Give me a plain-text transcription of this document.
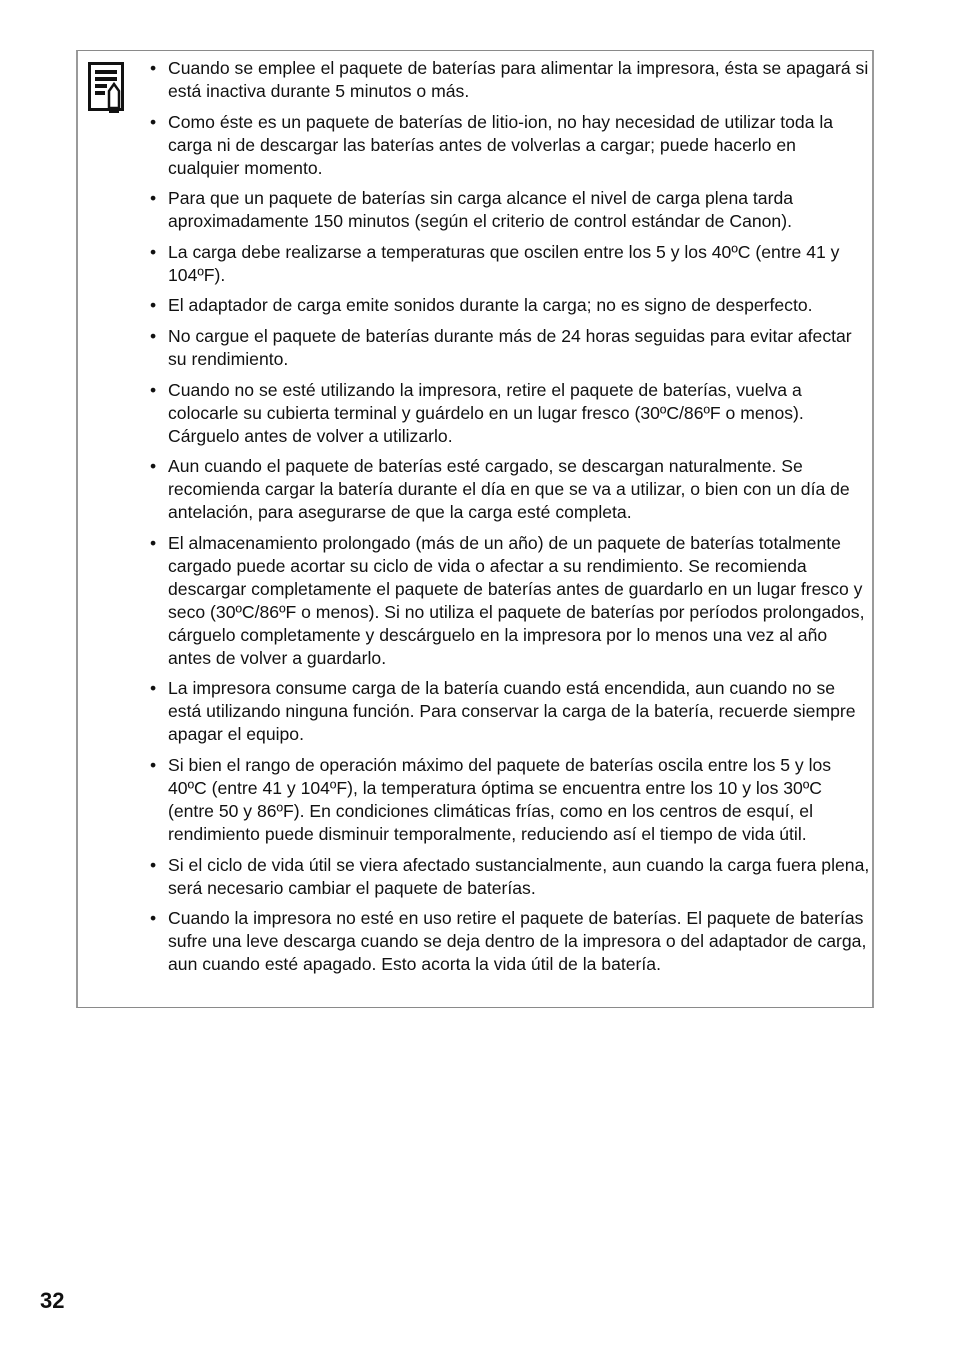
• Cuando se emplee el paquete de baterías para alimentar la impresora, ésta se apagará si está inactiva durante 5 minutos o más.
• Como éste es un paquete de baterías de litio-ion, no hay necesidad de utilizar toda la carga ni de descargar las baterías antes de volverlas a cargar; puede hacerlo en cualquier momento.
• Para que un paquete de baterías sin carga alcance el nivel de carga plena tarda aproximadamente 150 minutos (según el criterio de control estándar de Canon).
• La carga debe realizarse a temperaturas que oscilen entre los 5 y los 40ºC (entre 41 y 104ºF).
• El adaptador de carga emite sonidos durante la carga; no es signo de desperfecto.
• No cargue el paquete de baterías durante más de 24 horas seguidas para evitar afectar su rendimiento.
• Cuando no se esté utilizando la impresora, retire el paquete de baterías, vuelva a colocarle su cubierta terminal y guárdelo en un lugar fresco (30ºC/86ºF o menos). Cárguelo antes de volver a utilizarlo.
• Aun cuando el paquete de baterías esté cargado, se descargan naturalmente. Se recomienda cargar la batería durante el día en que se va a utilizar, o bien con un día de antelación, para asegurarse de que la carga esté completa.
• El almacenamiento prolongado (más de un año) de un paquete de baterías totalmente cargado puede acortar su ciclo de vida o afectar a su rendimiento. Se recomienda descargar completamente el paquete de baterías antes de guardarlo en un lugar fresco y seco (30ºC/86ºF o menos). Si no utiliza el paquete de baterías por períodos prolongados, cárguelo completamente y descárguelo en la impresora por lo menos una vez al año antes de volver a guardarlo.
• La impresora consume carga de la batería cuando está encendida, aun cuando no se está utilizando ninguna función. Para conservar la carga de la batería, recuerde siempre apagar el equipo.
• Si bien el rango de operación máximo del paquete de baterías oscila entre los 5 y los 40ºC (entre 41 y 104ºF), la temperatura óptima se encuentra entre los 10 y los 30ºC (entre 50 y 86ºF). En condiciones climáticas frías, como en los centros de esquí, el rendimiento puede disminuir temporalmente, reduciendo así el tiempo de vida útil.
• Si el ciclo de vida útil se viera afectado sustancialmente, aun cuando la carga fuera plena, será necesario cambiar el paquete de baterías.
• Cuando la impresora no esté en uso retire el paquete de baterías. El paquete de baterías sufre una leve descarga cuando se deja dentro de la impresora o del adaptador de carga, aun cuando esté apagado. Esto acorta la vida útil de la batería.
32
